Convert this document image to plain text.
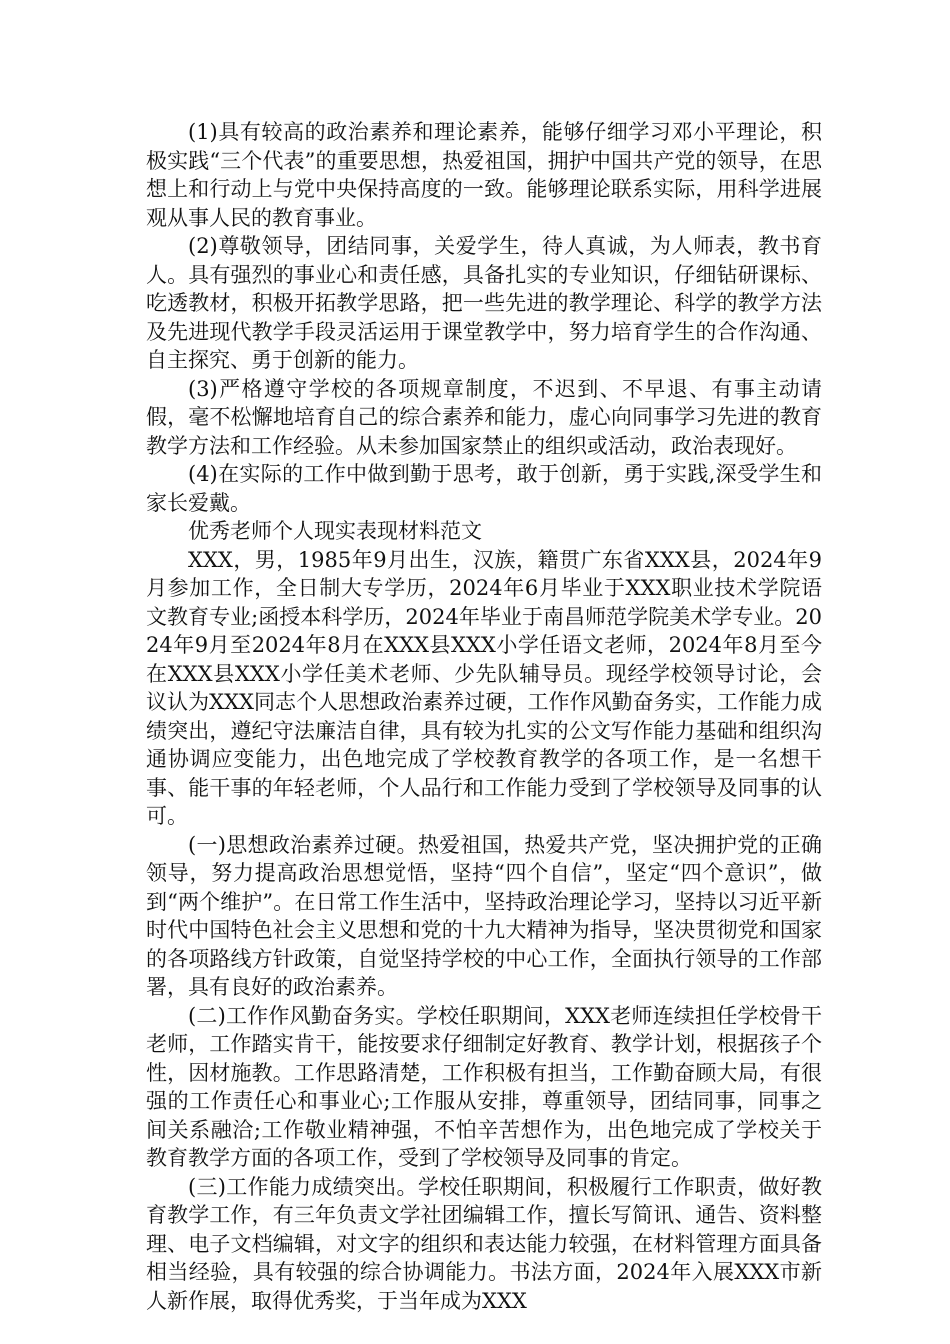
(1)具有较高的政治素养和理论素养，能够仔细学习邓小平理论，积极实践“三个代表”的重要思想，热爱祖国，拥护中国共产党的领导，在思想上和行动上与党中央保持高度的一致。能够理论联系实际，用科学进展观从事人民的教育事业。

(2)尊敬领导，团结同事，关爱学生，待人真诚，为人师表，教书育人。具有强烈的事业心和责任感，具备扎实的专业知识，仔细钻研课标、吃透教材，积极开拓教学思路，把一些先进的教学理论、科学的教学方法及先进现代教学手段灵活运用于课堂教学中，努力培育学生的合作沟通、自主探究、勇于创新的能力。

(3)严格遵守学校的各项规章制度，不迟到、不早退、有事主动请假，毫不松懈地培育自己的综合素养和能力，虚心向同事学习先进的教育教学方法和工作经验。从未参加国家禁止的组织或活动，政治表现好。

(4)在实际的工作中做到勤于思考，敢于创新，勇于实践,深受学生和家长爱戴。

优秀老师个人现实表现材料范文

XXX，男，1985年9月出生，汉族，籍贯广东省XXX县，2024年9月参加工作，全日制大专学历，2024年6月毕业于XXX职业技术学院语文教育专业;函授本科学历，2024年毕业于南昌师范学院美术学专业。2024年9月至2024年8月在XXX县XXX小学任语文老师，2024年8月至今在XXX县XXX小学任美术老师、少先队辅导员。现经学校领导讨论，会议认为XXX同志个人思想政治素养过硬，工作作风勤奋务实，工作能力成绩突出，遵纪守法廉洁自律，具有较为扎实的公文写作能力基础和组织沟通协调应变能力，出色地完成了学校教育教学的各项工作，是一名想干事、能干事的年轻老师，个人品行和工作能力受到了学校领导及同事的认可。

(一)思想政治素养过硬。热爱祖国，热爱共产党，坚决拥护党的正确领导，努力提高政治思想觉悟，坚持“四个自信”，坚定“四个意识”，做到“两个维护”。在日常工作生活中，坚持政治理论学习，坚持以习近平新时代中国特色社会主义思想和党的十九大精神为指导，坚决贯彻党和国家的各项路线方针政策，自觉坚持学校的中心工作，全面执行领导的工作部署，具有良好的政治素养。

(二)工作作风勤奋务实。学校任职期间，XXX老师连续担任学校骨干老师，工作踏实肯干，能按要求仔细制定好教育、教学计划，根据孩子个性，因材施教。工作思路清楚，工作积极有担当，工作勤奋顾大局，有很强的工作责任心和事业心;工作服从安排，尊重领导，团结同事，同事之间关系融洽;工作敬业精神强，不怕辛苦想作为，出色地完成了学校关于教育教学方面的各项工作，受到了学校领导及同事的肯定。

(三)工作能力成绩突出。学校任职期间，积极履行工作职责，做好教育教学工作，有三年负责文学社团编辑工作，擅长写简讯、通告、资料整理、电子文档编辑，对文字的组织和表达能力较强，在材料管理方面具备相当经验，具有较强的综合协调能力。书法方面，2024年入展XXX市新人新作展，取得优秀奖，于当年成为XXX
